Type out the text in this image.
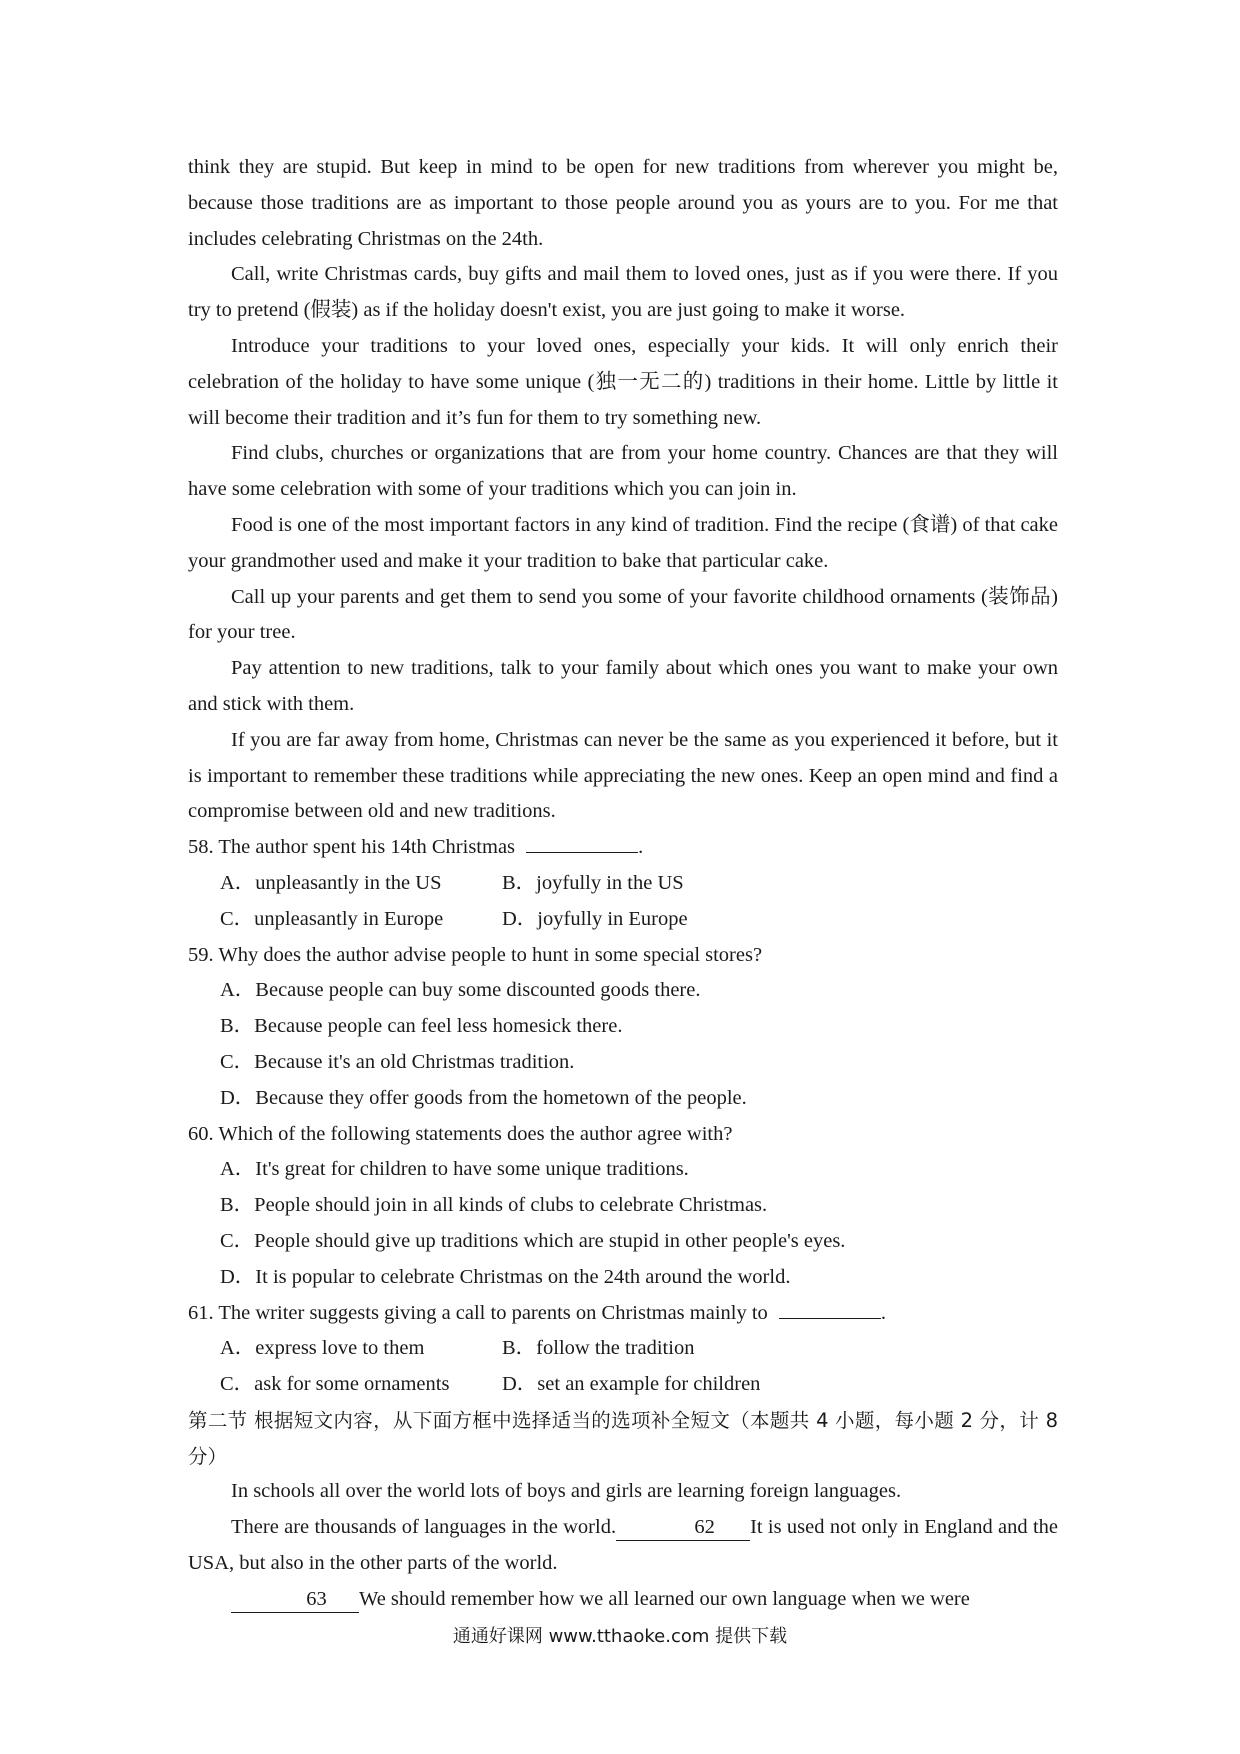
think they are stupid. But keep in mind to be open for new traditions from wherever you might be, because those traditions are as important to those people around you as yours are to you. For me that includes celebrating Christmas on the 24th.

Call, write Christmas cards, buy gifts and mail them to loved ones, just as if you were there. If you try to pretend (假装) as if the holiday doesn't exist, you are just going to make it worse.

Introduce your traditions to your loved ones, especially your kids. It will only enrich their celebration of the holiday to have some unique (独一无二的) traditions in their home. Little by little it will become their tradition and it’s fun for them to try something new.

Find clubs, churches or organizations that are from your home country. Chances are that they will have some celebration with some of your traditions which you can join in.

Food is one of the most important factors in any kind of tradition. Find the recipe (食谱) of that cake your grandmother used and make it your tradition to bake that particular cake.

Call up your parents and get them to send you some of your favorite childhood ornaments (装饰品) for your tree.

Pay attention to new traditions, talk to your family about which ones you want to make your own and stick with them.

If you are far away from home, Christmas can never be the same as you experienced it before, but it is important to remember these traditions while appreciating the new ones. Keep an open mind and find a compromise between old and new traditions.

58. The author spent his 14th Christmas	.

A．unpleasantly in the US	B．joyfully in the US
C．unpleasantly in Europe	D．joyfully in Europe

59. Why does the author advise people to hunt in some special stores?

A．Because people can buy some discounted goods there.

B．Because people can feel less homesick there.

C．Because it's an old Christmas tradition.

D．Because they offer goods from the hometown of the people.

60. Which of the following statements does the author agree with?

A．It's great for children to have some unique traditions.

B．People should join in all kinds of clubs to celebrate Christmas.

C．People should give up traditions which are stupid in other people's eyes.

D．It is popular to celebrate Christmas on the 24th around the world.

61. The writer suggests giving a call to parents on Christmas mainly to	.

A．express love to them	B．follow the tradition
C．ask for some ornaments	D．set an example for children

第二节 根据短文内容，从下面方框中选择适当的选项补全短文（本题共 4 小题，每小题 2 分，计 8 分）

In schools all over the world lots of boys and girls are learning foreign languages.

There are thousands of languages in the world.	62 It is used not only in England and the USA, but also in the other parts of the world.

63 We should remember how we all learned our own language when we were

通通好课网 www.tthaoke.com 提供下载
